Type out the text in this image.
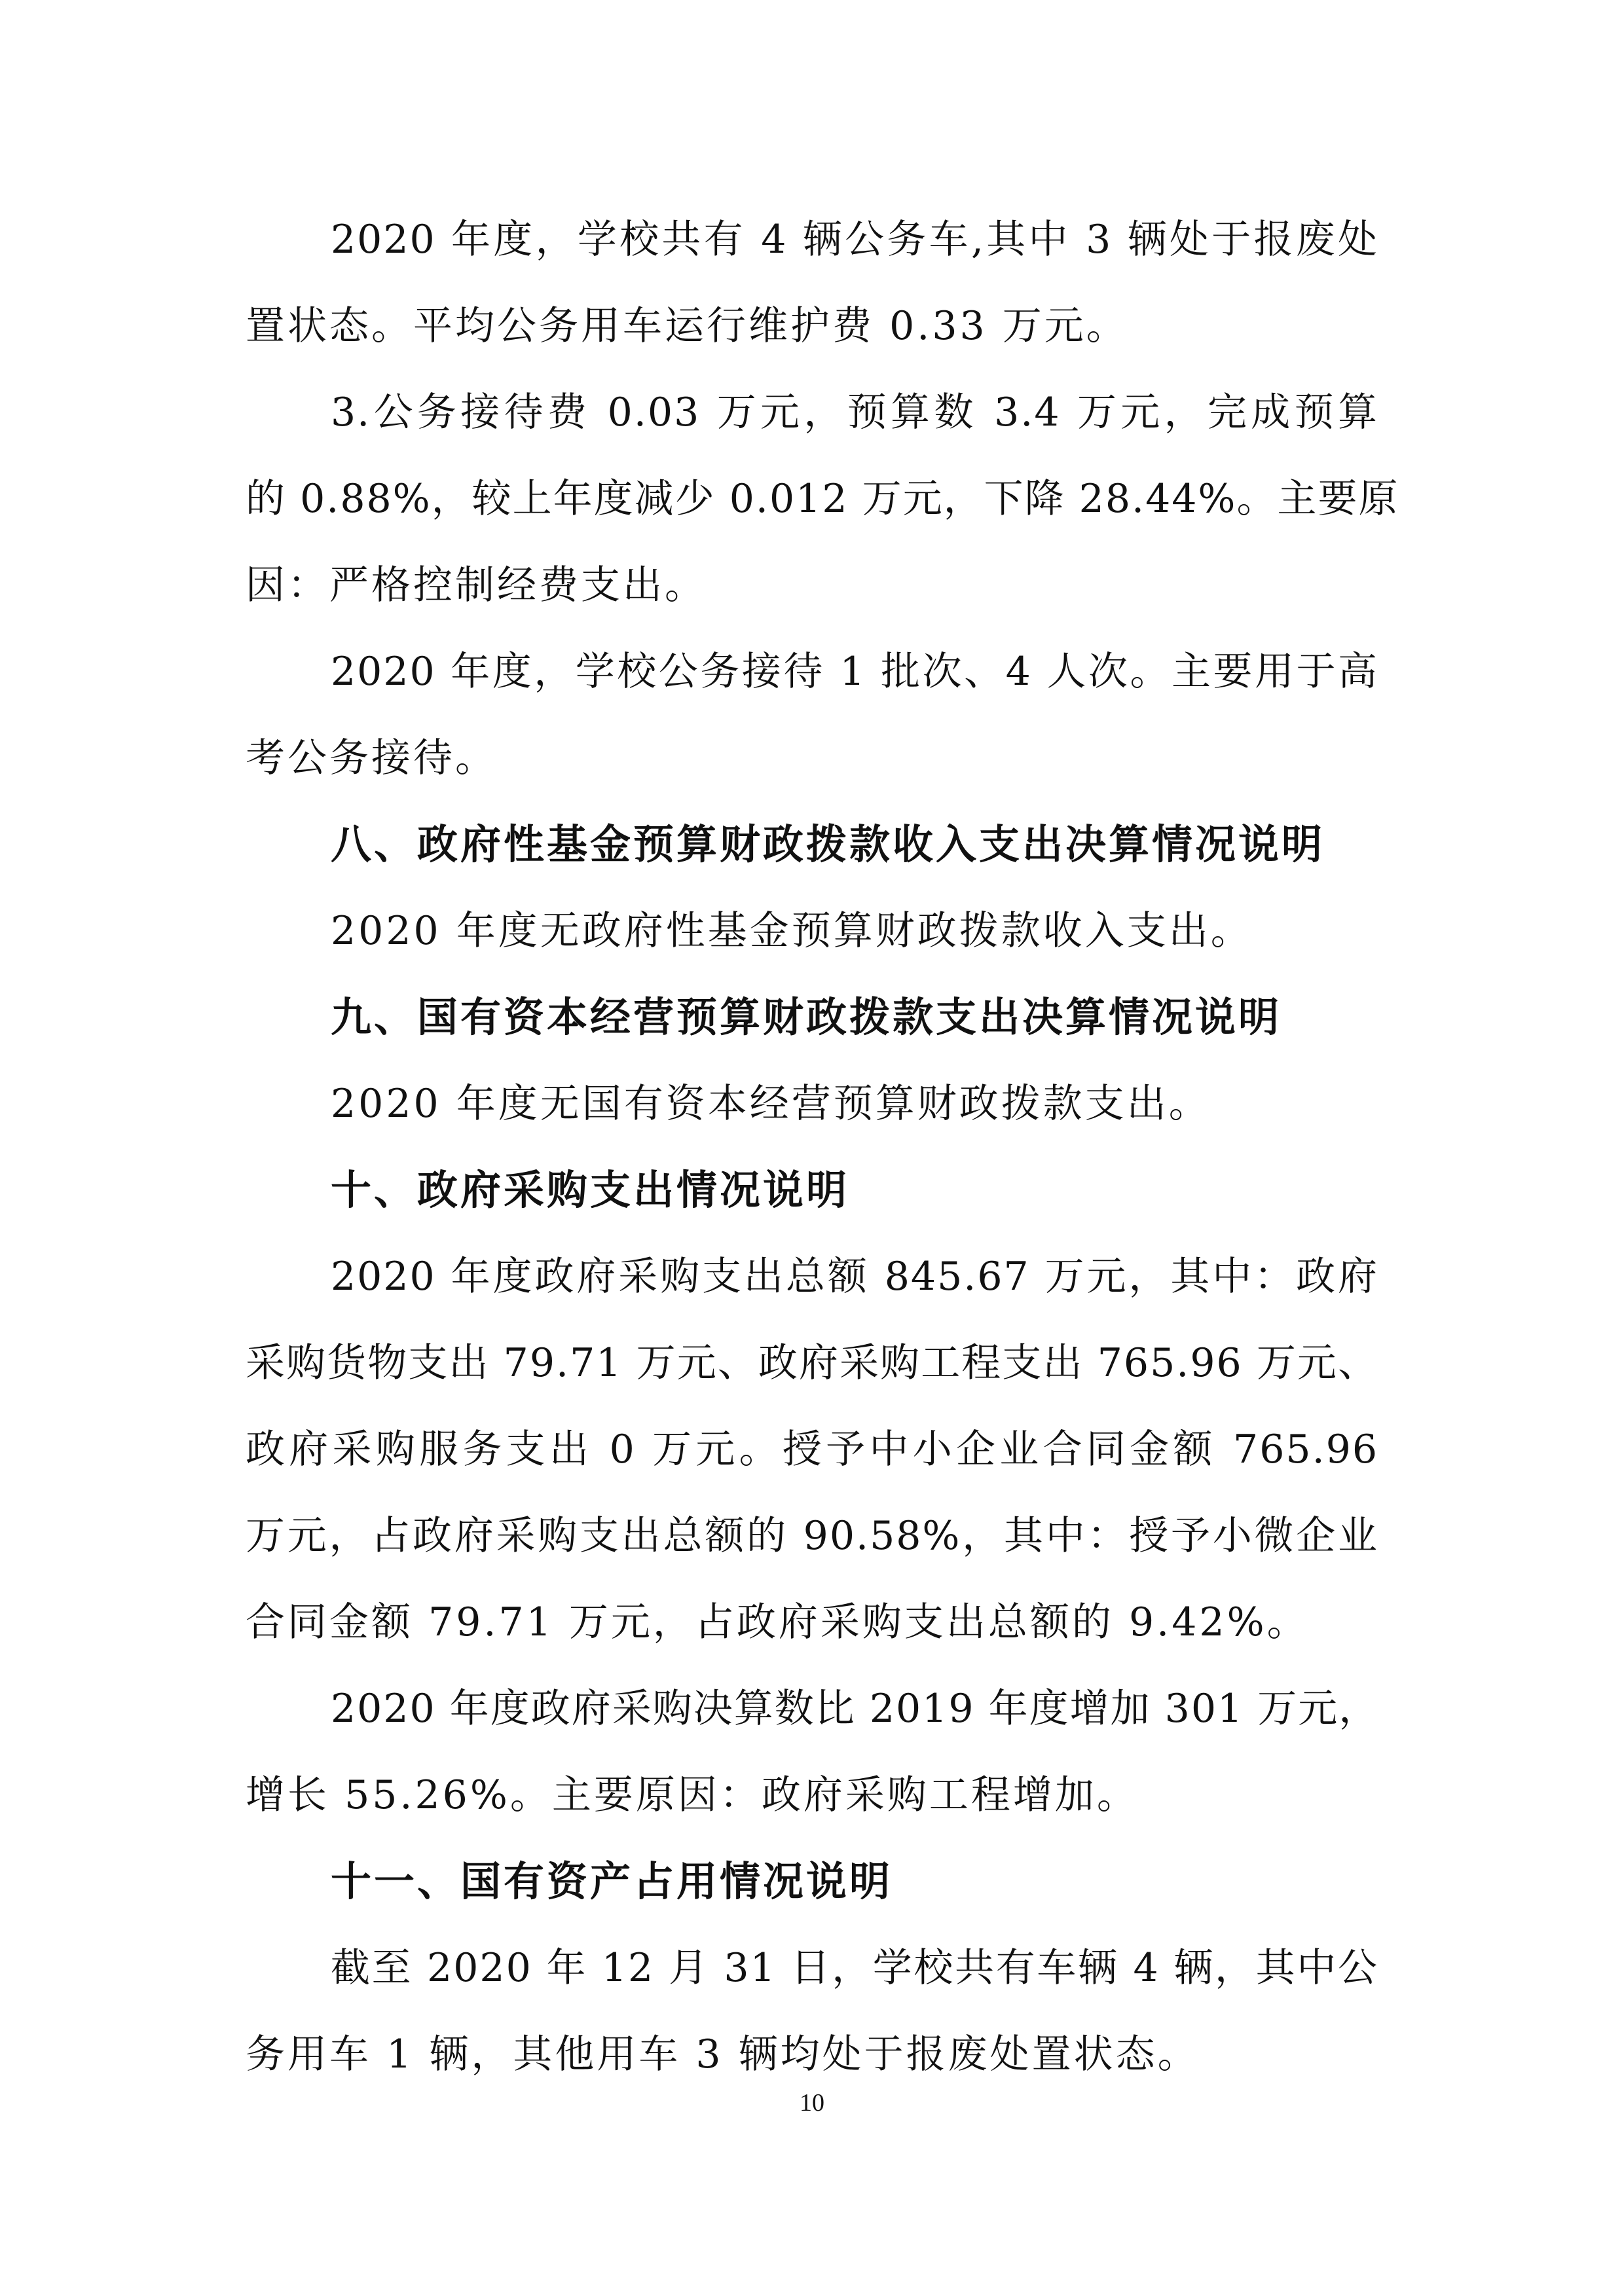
2020 年度，学校共有 4 辆公务车,其中 3 辆处于报废处
置状态。平均公务用车运行维护费 0.33 万元。
3.公务接待费 0.03 万元，预算数 3.4 万元，完成预算
的 0.88%，较上年度减少 0.012 万元，下降 28.44%。主要原
因：严格控制经费支出。
2020 年度，学校公务接待 1 批次、4 人次。主要用于高
考公务接待。
八、政府性基金预算财政拨款收入支出决算情况说明
2020 年度无政府性基金预算财政拨款收入支出。
九、国有资本经营预算财政拨款支出决算情况说明
2020 年度无国有资本经营预算财政拨款支出。
十、政府采购支出情况说明
2020 年度政府采购支出总额 845.67 万元，其中：政府
采购货物支出 79.71 万元、政府采购工程支出 765.96 万元、
政府采购服务支出 0 万元。授予中小企业合同金额 765.96
万元，占政府采购支出总额的 90.58%，其中：授予小微企业
合同金额 79.71 万元，占政府采购支出总额的 9.42%。
2020 年度政府采购决算数比 2019 年度增加 301 万元，
增长 55.26%。主要原因：政府采购工程增加。
十一、国有资产占用情况说明
截至 2020 年 12 月 31 日，学校共有车辆 4 辆，其中公
务用车 1 辆，其他用车 3 辆均处于报废处置状态。
10
